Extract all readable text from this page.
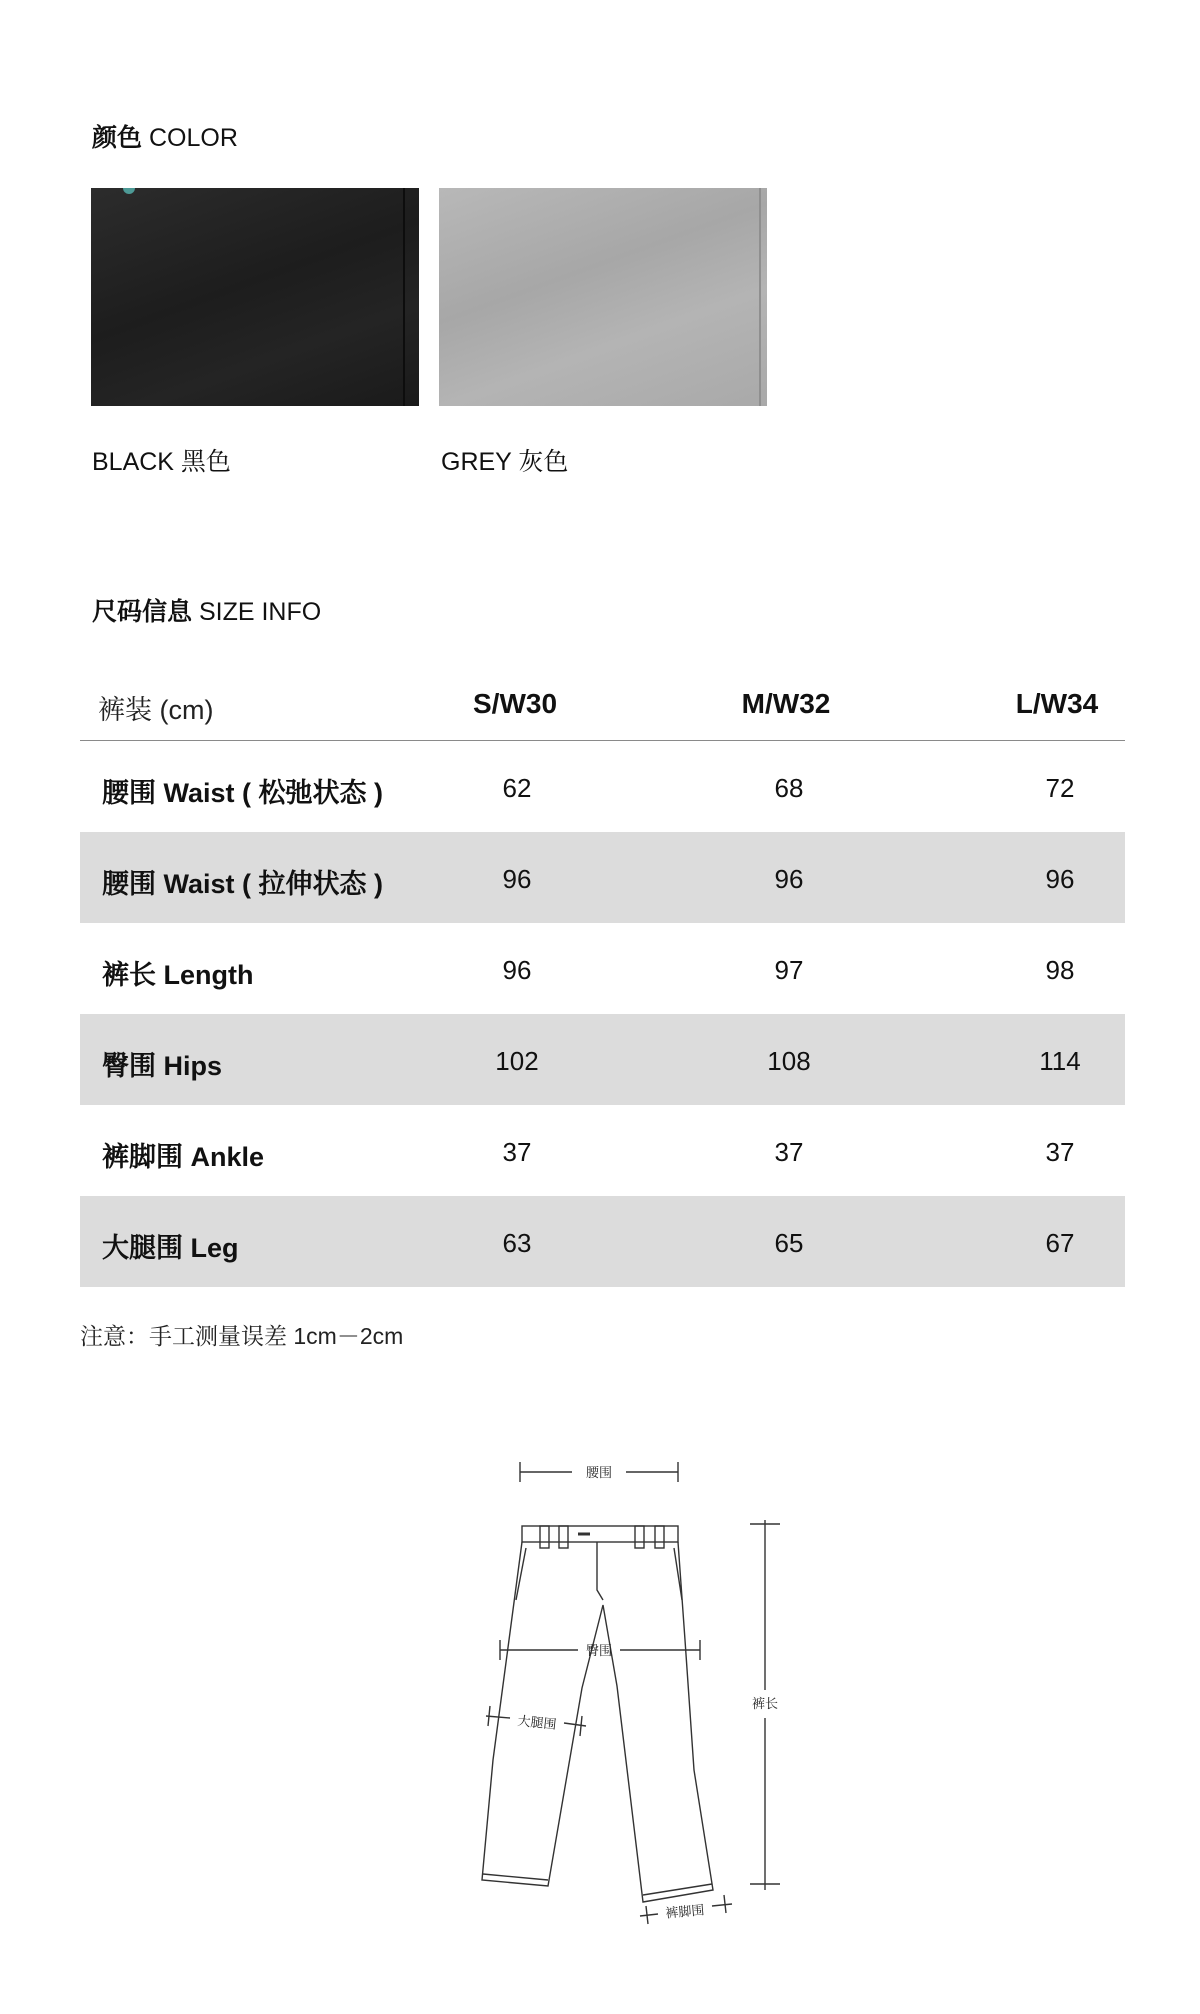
颜色 COLOR
BLACK 黑色	GREY 灰色
尺码信息 SIZE INFO
裤装 (cm)	S/W30	M/W32	L/W34
腰围 Waist ( 松弛状态 )	62	68	72
腰围 Waist ( 拉伸状态 )	96	96	96
裤长 Length	96	97	98
臀围 Hips	102	108	114
裤脚围 Ankle	37	37	37
大腿围 Leg	63	65	67
注意：手工测量误差 1cm－2cm
腰围
臀围
大腿围
裤长
裤脚围
